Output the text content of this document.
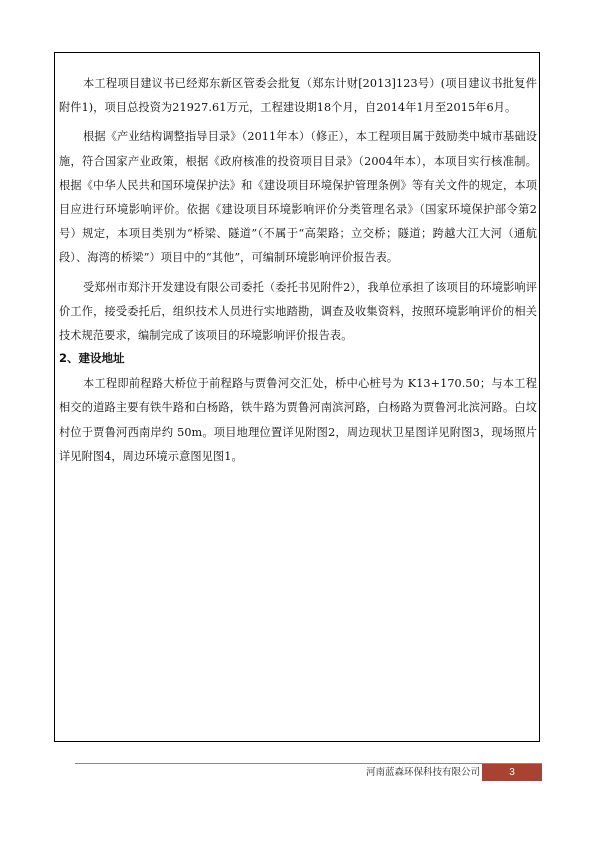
本工程项目建议书已经郑东新区管委会批复（郑东计财[2013]123号）(项目建议书批复件附件1)，项目总投资为21927.61万元，工程建设期18个月，自2014年1月至2015年6月。

根据《产业结构调整指导目录》（2011年本）（修正），本工程项目属于鼓励类中城市基础设施，符合国家产业政策，根据《政府核准的投资项目目录》（2004年本），本项目实行核准制。根据《中华人民共和国环境保护法》和《建设项目环境保护管理条例》等有关文件的规定，本项目应进行环境影响评价。依据《建设项目环境影响评价分类管理名录》（国家环境保护部令第2号）规定，本项目类别为“桥梁、隧道”（不属于“高架路；立交桥；隧道；跨越大江大河（通航段）、海湾的桥梁”）项目中的“其他”，可编制环境影响评价报告表。

受郑州市郑汴开发建设有限公司委托（委托书见附件2），我单位承担了该项目的环境影响评价工作，接受委托后，组织技术人员进行实地踏勘，调查及收集资料，按照环境影响评价的相关技术规范要求，编制完成了该项目的环境影响评价报告表。

2、建设地址

本工程即前程路大桥位于前程路与贾鲁河交汇处，桥中心桩号为 K13+170.50；与本工程相交的道路主要有铁牛路和白杨路，铁牛路为贾鲁河南滨河路，白杨路为贾鲁河北滨河路。白坟村位于贾鲁河西南岸约 50m。项目地理位置详见附图2，周边现状卫星图详见附图3，现场照片详见附图4，周边环境示意图见图1。

河南蓝森环保科技有限公司	3
